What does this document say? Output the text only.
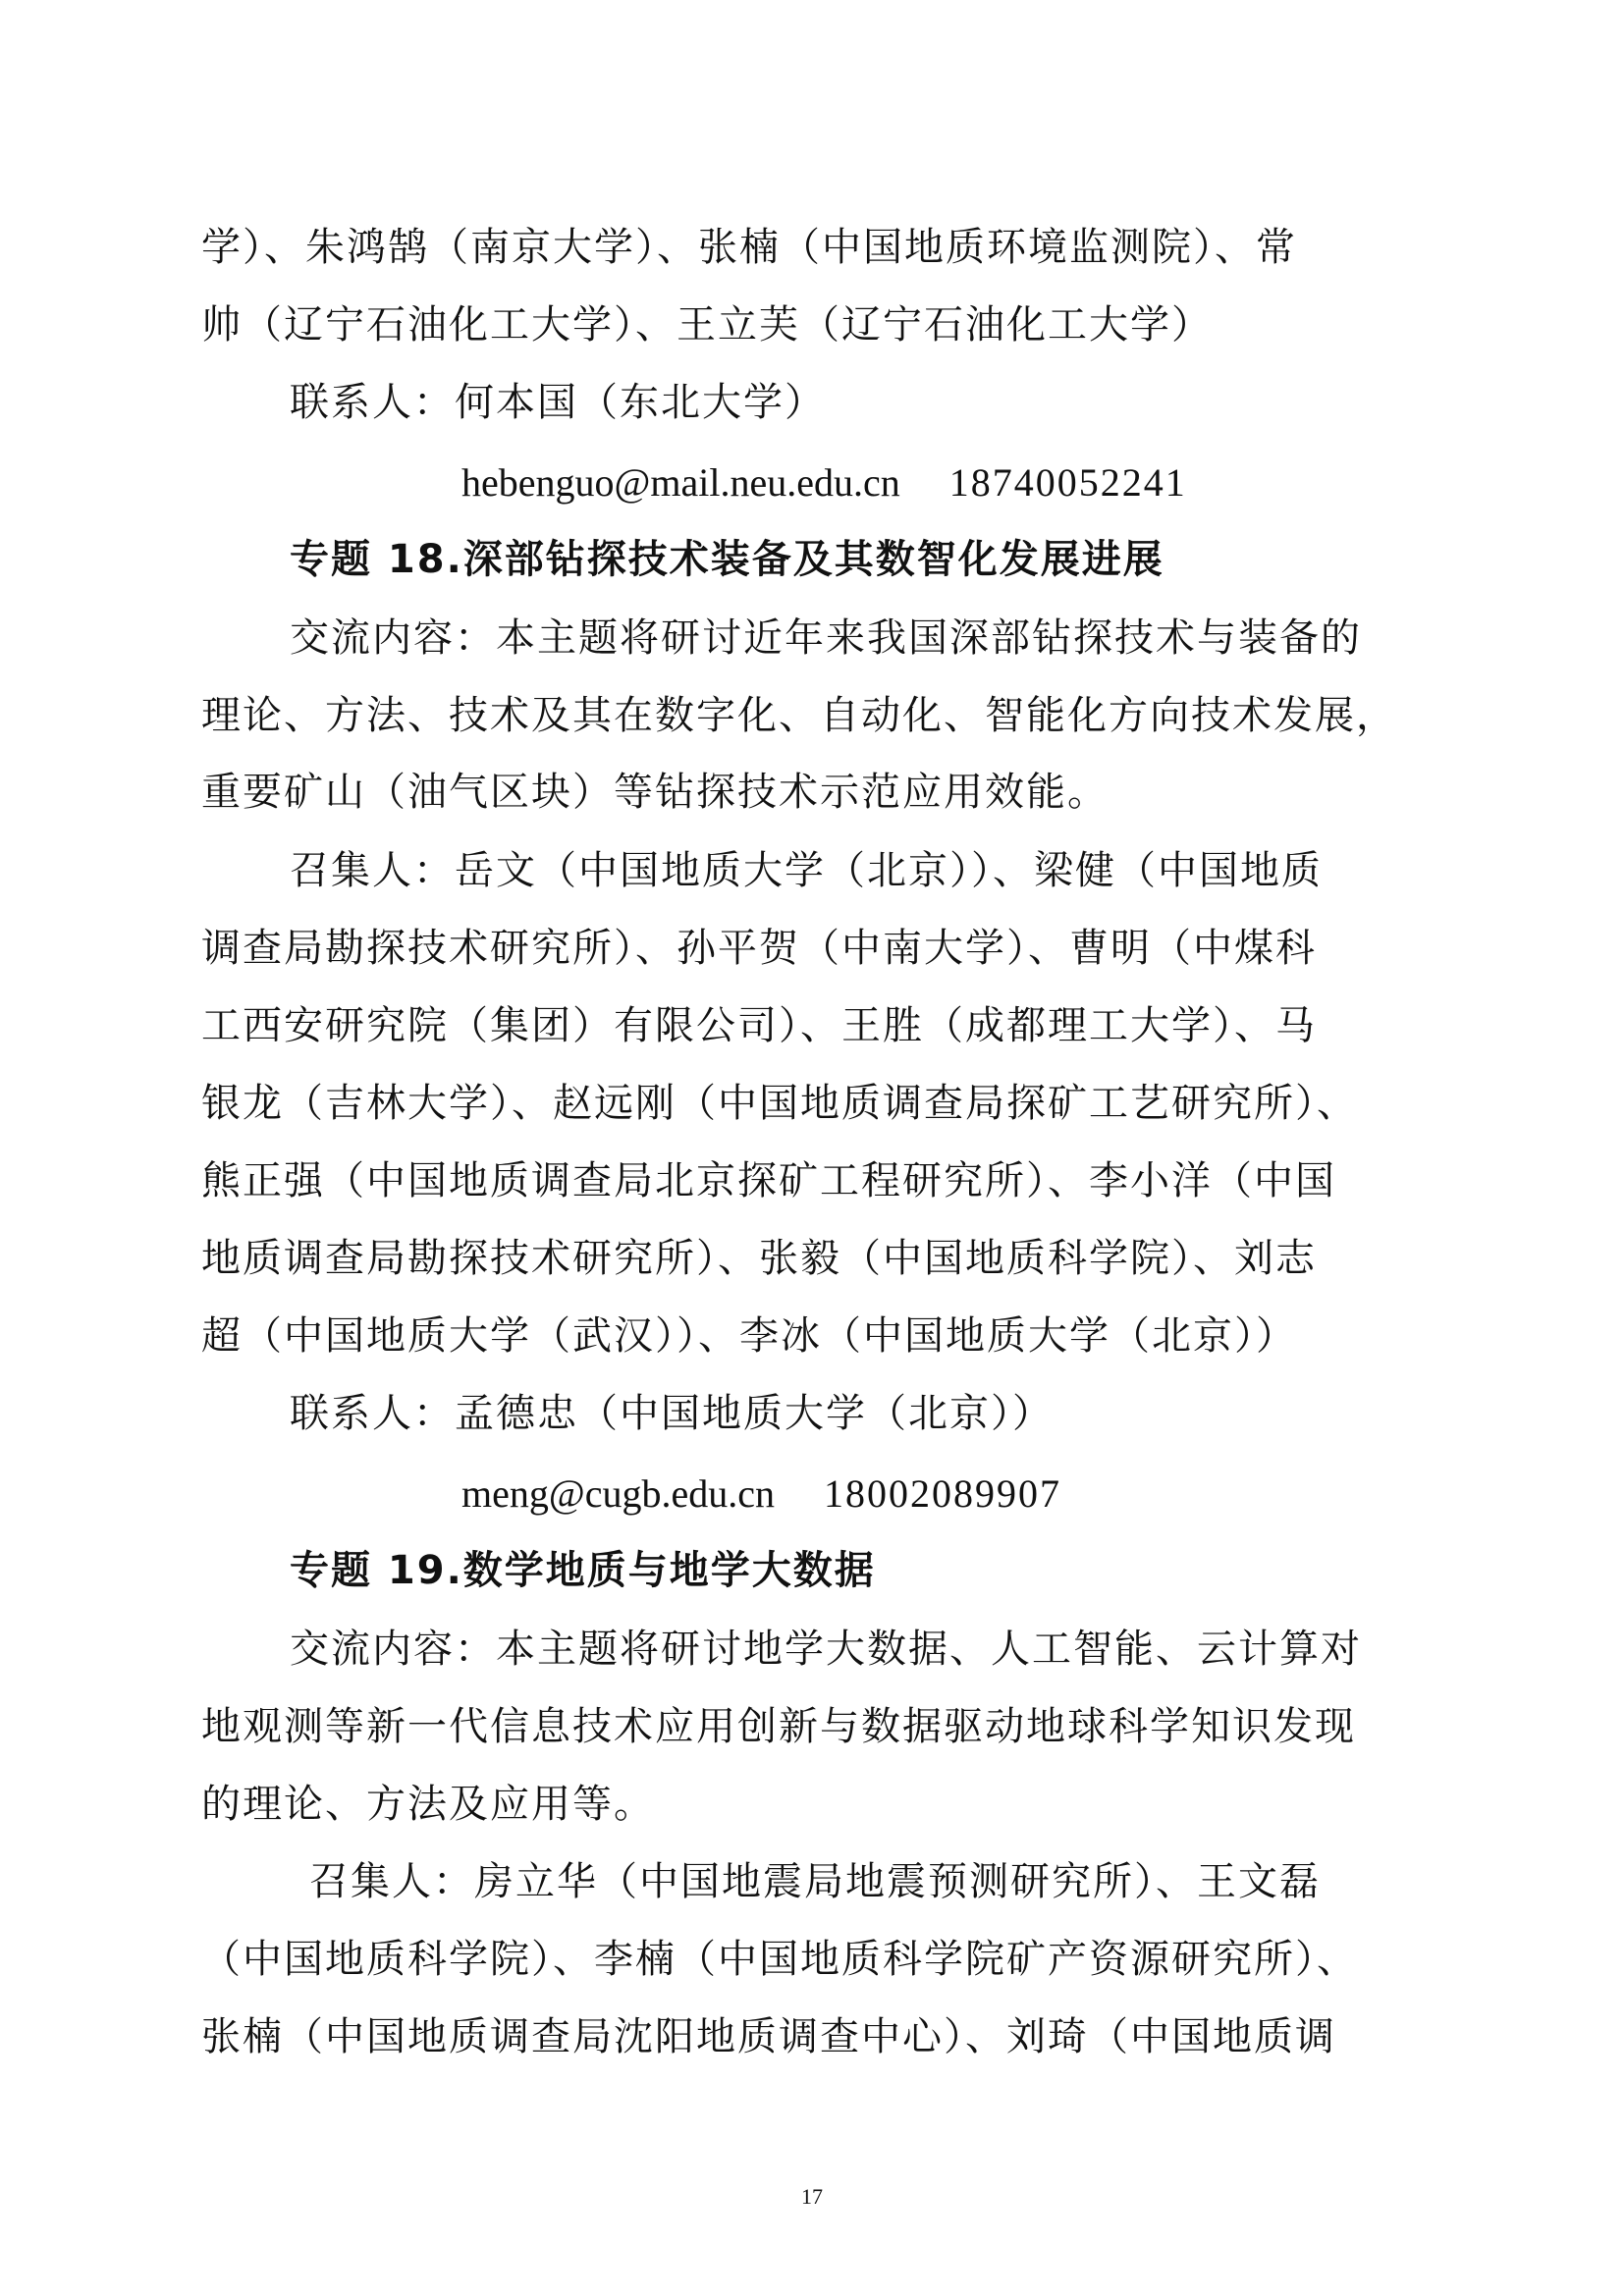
学）、朱鸿鹄（南京大学）、张楠（中国地质环境监测院）、常
帅（辽宁石油化工大学）、王立芙（辽宁石油化工大学）
联系人：何本国（东北大学）
hebenguo@mail.neu.edu.cn 18740052241
专题 18.深部钻探技术装备及其数智化发展进展
交流内容：本主题将研讨近年来我国深部钻探技术与装备的
理论、方法、技术及其在数字化、自动化、智能化方向技术发展，
重要矿山（油气区块）等钻探技术示范应用效能。
召集人：岳文（中国地质大学（北京））、梁健（中国地质
调查局勘探技术研究所）、孙平贺（中南大学）、曹明（中煤科
工西安研究院（集团）有限公司）、王胜（成都理工大学）、马
银龙（吉林大学）、赵远刚（中国地质调查局探矿工艺研究所）、
熊正强（中国地质调查局北京探矿工程研究所）、李小洋（中国
地质调查局勘探技术研究所）、张毅（中国地质科学院）、刘志
超（中国地质大学（武汉））、李冰（中国地质大学（北京））
联系人：孟德忠（中国地质大学（北京））
meng@cugb.edu.cn 18002089907
专题 19.数学地质与地学大数据
交流内容：本主题将研讨地学大数据、人工智能、云计算对
地观测等新一代信息技术应用创新与数据驱动地球科学知识发现
的理论、方法及应用等。
召集人：房立华（中国地震局地震预测研究所）、王文磊
（中国地质科学院）、李楠（中国地质科学院矿产资源研究所）、
张楠（中国地质调查局沈阳地质调查中心）、刘琦（中国地质调
17
